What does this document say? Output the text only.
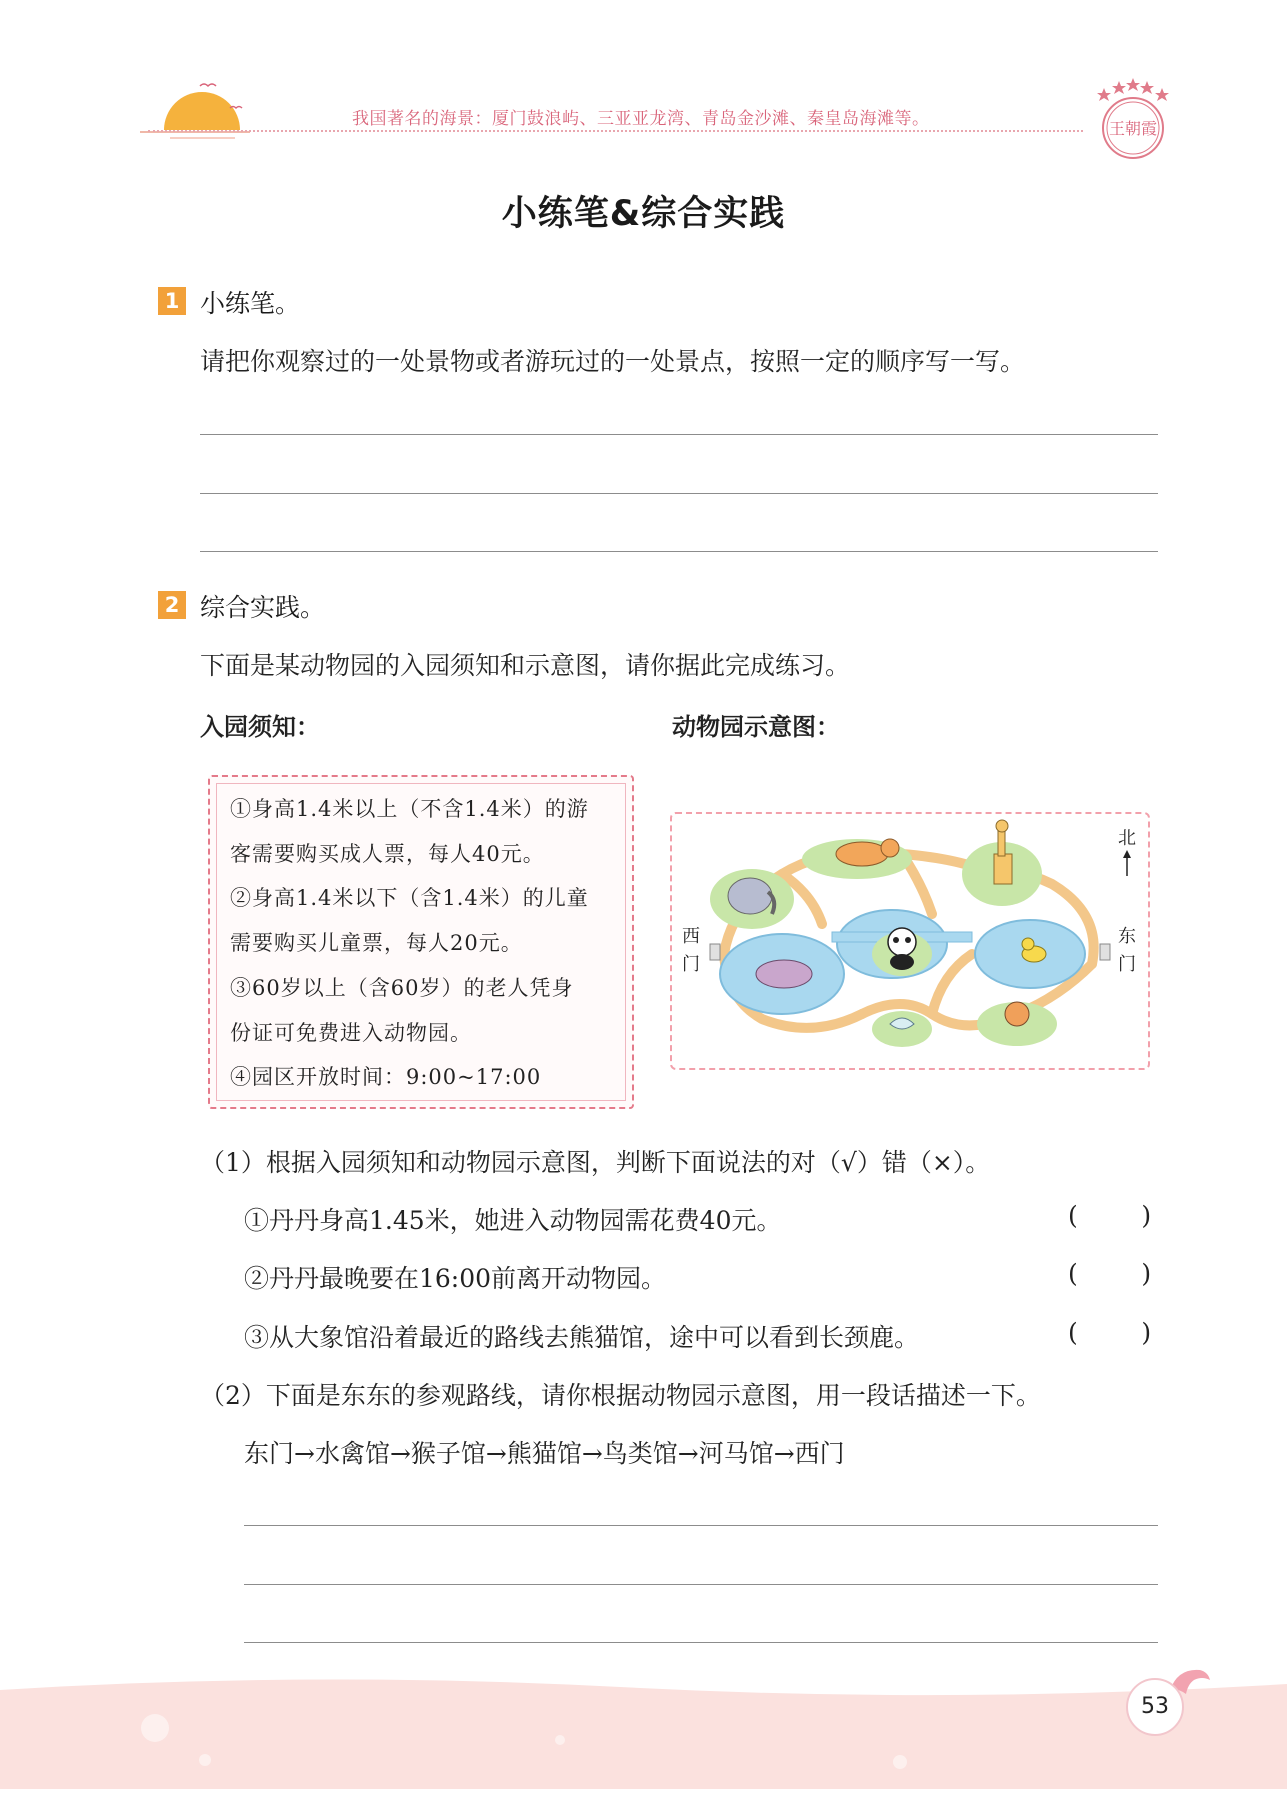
我国著名的海景：厦门鼓浪屿、三亚亚龙湾、青岛金沙滩、秦皇岛海滩等。	王朝霞
小练笔&综合实践
1 小练笔。
请把你观察过的一处景物或者游玩过的一处景点，按照一定的顺序写一写。
2 综合实践。
下面是某动物园的入园须知和示意图，请你据此完成练习。
入园须知：	动物园示意图：
①身高1.4米以上（不含1.4米）的游
客需要购买成人票，每人40元。
②身高1.4米以下（含1.4米）的儿童
需要购买儿童票，每人20元。
③60岁以上（含60岁）的老人凭身
份证可免费进入动物园。
④园区开放时间：9:00~17:00
北
西
门
东
门
（1）根据入园须知和动物园示意图，判断下面说法的对（√）错（×）。
①丹丹身高1.45米，她进入动物园需花费40元。	(        )
②丹丹最晚要在16:00前离开动物园。	(        )
③从大象馆沿着最近的路线去熊猫馆，途中可以看到长颈鹿。	(        )
（2）下面是东东的参观路线，请你根据动物园示意图，用一段话描述一下。
东门→水禽馆→猴子馆→熊猫馆→鸟类馆→河马馆→西门
53
